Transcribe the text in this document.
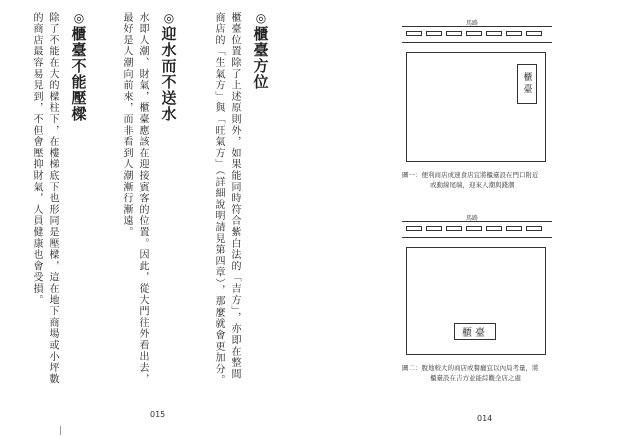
◎
櫃臺方位
櫃臺位置除了上述原則外，如果能同時符合紫白法的「吉方」，亦即在整間
商店的「生氣方」與「旺氣方」（詳細說明請見第四章），那麼就會更加分。
◎
迎水而不送水
水即人潮、財氣，櫃臺應該在迎接賓客的位置。因此，從大門往外看出去，
最好是人潮向前來，而非看到人潮漸行漸遠。
◎
櫃臺不能壓樑
除了不能在大的樑柱下，在樓梯底下也形同是壓樑，這在地下商場或小坪數
的商店最容易見到，不但會壓抑財氣，人員健康也會受損。
015
馬路
櫃臺
圖一：便利商店或速食店宜將櫃臺設在門口附近
或動線尾端，迎來人潮與錢潮
馬路
櫃臺
圖二：腹地較大的商店或餐廳宜以內局考量，將
櫃臺設在吉方並能綜觀全店之處
014
